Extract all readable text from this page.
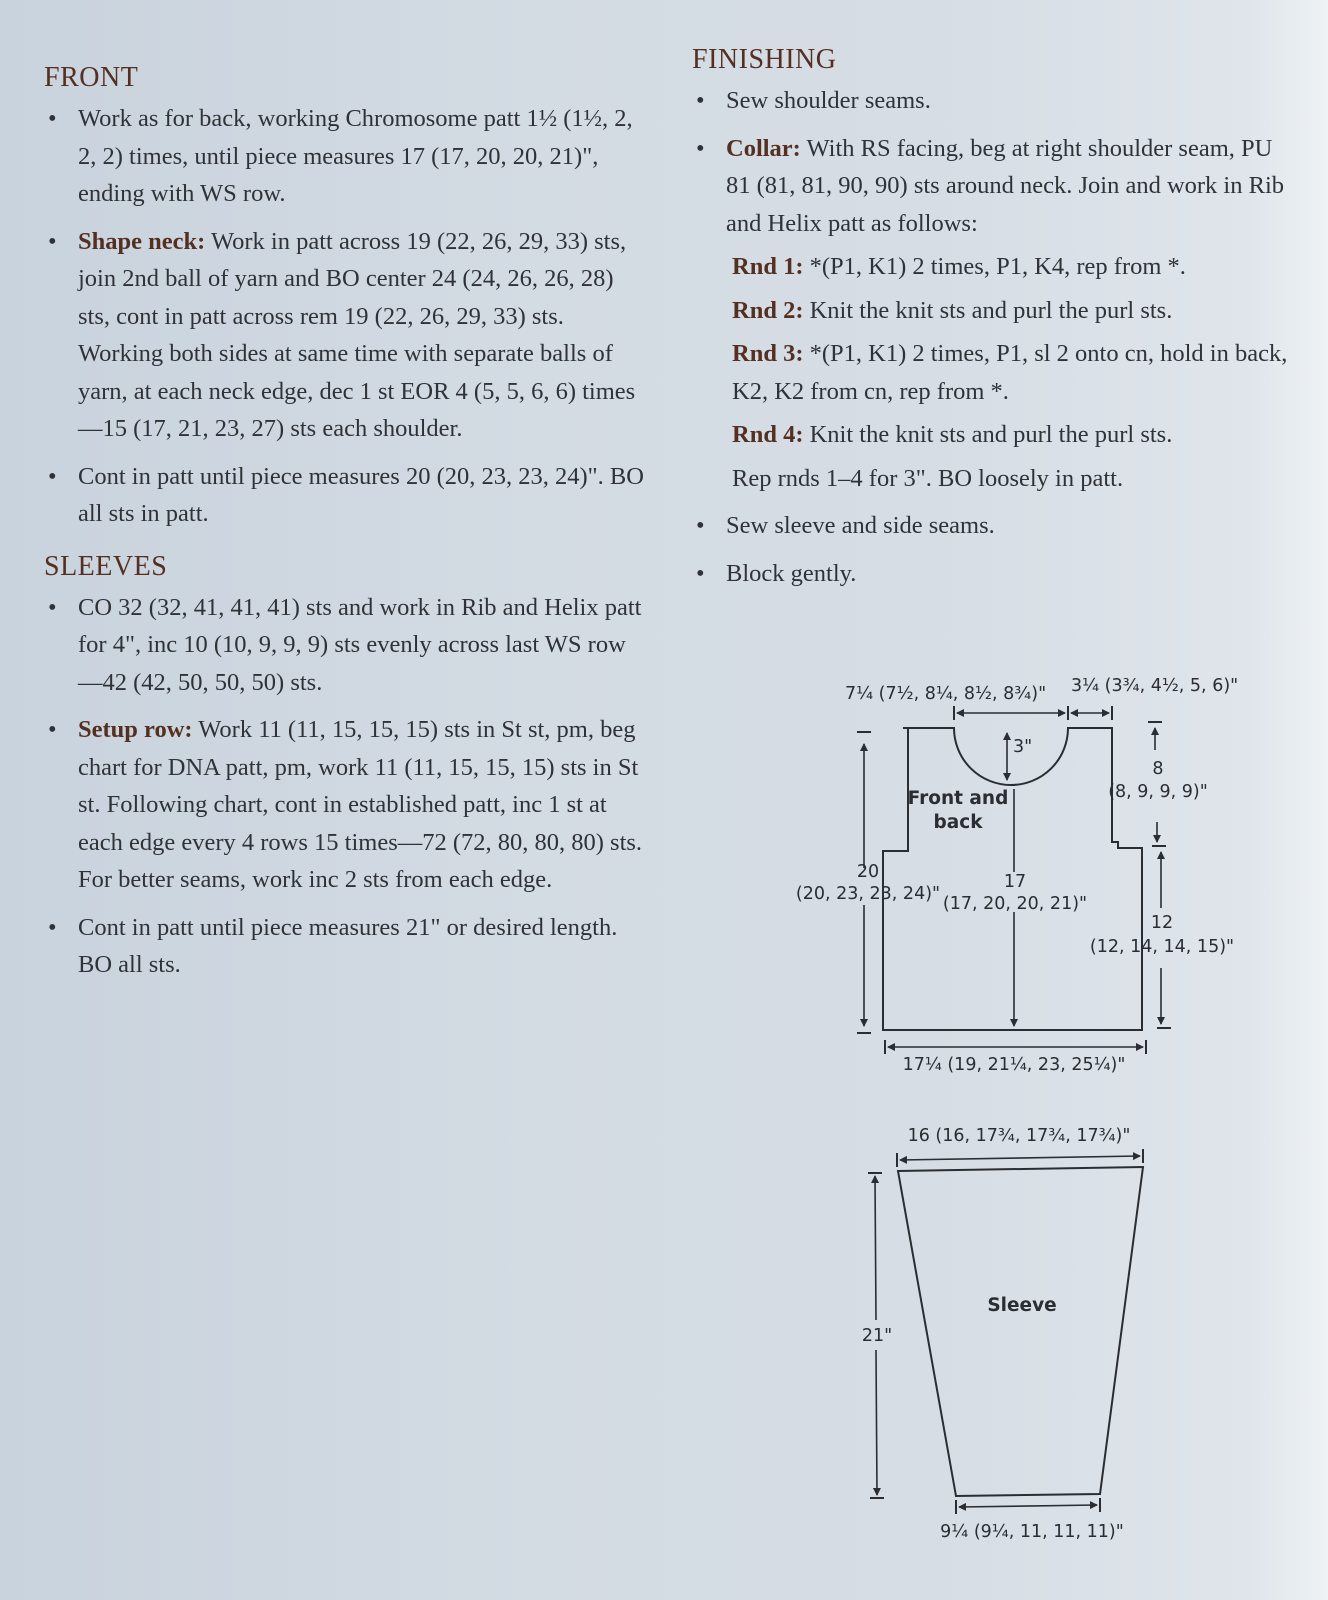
FRONT
• Work as for back, working Chromosome patt 1½ (1½, 2, 2, 2) times, until piece measures 17 (17, 20, 20, 21)", ending with WS row.
• Shape neck: Work in patt across 19 (22, 26, 29, 33) sts, join 2nd ball of yarn and BO center 24 (24, 26, 26, 28) sts, cont in patt across rem 19 (22, 26, 29, 33) sts. Working both sides at same time with separate balls of yarn, at each neck edge, dec 1 st EOR 4 (5, 5, 6, 6) times—15 (17, 21, 23, 27) sts each shoulder.
• Cont in patt until piece measures 20 (20, 23, 23, 24)". BO all sts in patt.
SLEEVES
• CO 32 (32, 41, 41, 41) sts and work in Rib and Helix patt for 4", inc 10 (10, 9, 9, 9) sts evenly across last WS row—42 (42, 50, 50, 50) sts.
• Setup row: Work 11 (11, 15, 15, 15) sts in St st, pm, beg chart for DNA patt, pm, work 11 (11, 15, 15, 15) sts in St st. Following chart, cont in established patt, inc 1 st at each edge every 4 rows 15 times—72 (72, 80, 80, 80) sts. For better seams, work inc 2 sts from each edge.
• Cont in patt until piece measures 21" or desired length. BO all sts.
FINISHING
• Sew shoulder seams.
• Collar: With RS facing, beg at right shoulder seam, PU 81 (81, 81, 90, 90) sts around neck. Join and work in Rib and Helix patt as follows:
Rnd 1: *(P1, K1) 2 times, P1, K4, rep from *.
Rnd 2: Knit the knit sts and purl the purl sts.
Rnd 3: *(P1, K1) 2 times, P1, sl 2 onto cn, hold in back, K2, K2 from cn, rep from *.
Rnd 4: Knit the knit sts and purl the purl sts.
Rep rnds 1–4 for 3". BO loosely in patt.
• Sew sleeve and side seams.
• Block gently.
7¼ (7½, 8¼, 8½, 8¾)" 3¼ (3¾, 4½, 5, 6)"
3"
Front and
back
8
(8, 9, 9, 9)"
20
(20, 23, 23, 24)"
17
(17, 20, 20, 21)"
12
(12, 14, 14, 15)"
17¼ (19, 21¼, 23, 25¼)"
16 (16, 17¾, 17¾, 17¾)"
Sleeve
21"
9¼ (9¼, 11, 11, 11)"
